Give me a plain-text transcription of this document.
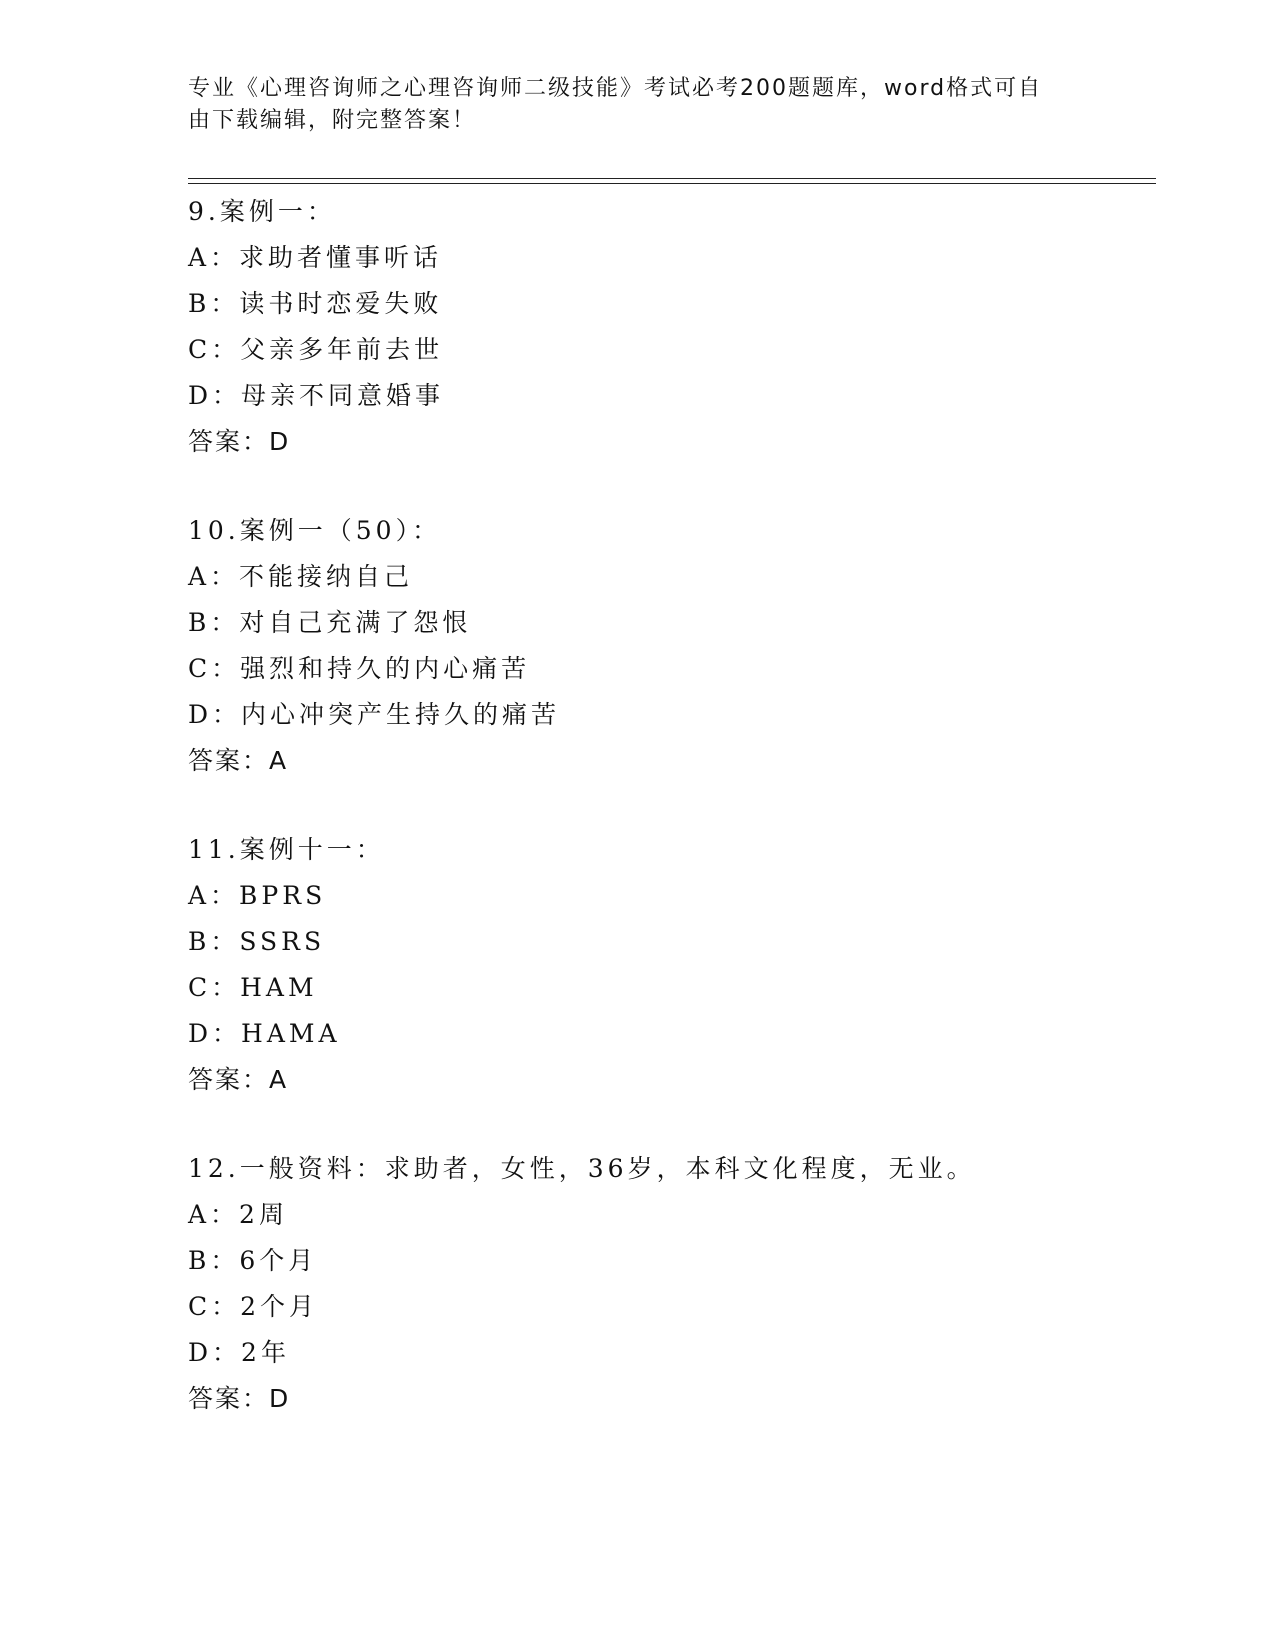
专业《心理咨询师之心理咨询师二级技能》考试必考200题题库，word格式可自
由下载编辑，附完整答案！
9.案例一：
A：求助者懂事听话
B：读书时恋爱失败
C：父亲多年前去世
D：母亲不同意婚事
答案：D
10.案例一（50）：
A：不能接纳自己
B：对自己充满了怨恨
C：强烈和持久的内心痛苦
D：内心冲突产生持久的痛苦
答案：A
11.案例十一：
A：BPRS
B：SSRS
C：HAM
D：HAMA
答案：A
12.一般资料：求助者，女性，36岁，本科文化程度，无业。
A：2周
B：6个月
C：2个月
D：2年
答案：D
